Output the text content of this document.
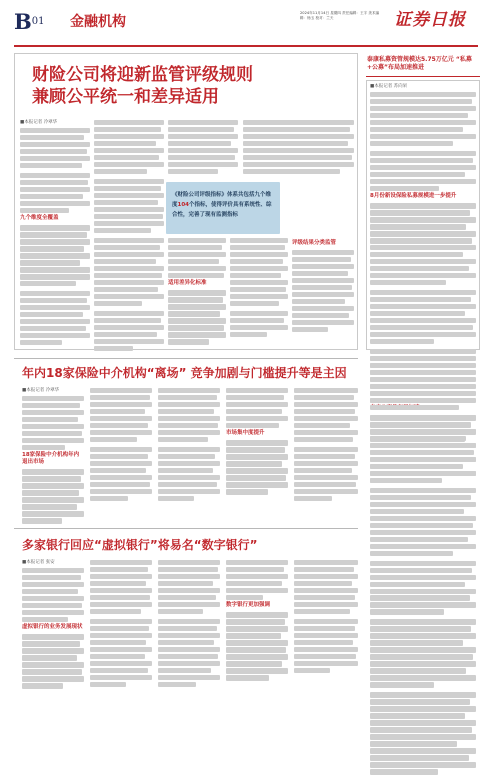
$B^{01}$ 金融机构
2024年11月14日 星期四 责任编辑：王宇 美术编辑：杨玉 校对：兰天	证券日报
财险公司将迎新监管评级规则
兼顾公平统一和差异适用
■本报记者 冷翠华
九个维度全覆盖
《财险公司评级指标》体系共包括九个维度104个指标，使得评价具有系统性、综合性，完善了现有监测指标
适用差异化标准
评级结果分类监管
泰康私募资管规模达5.75万亿元 “私募+公募”布局加速推进
■本报记者 苏向杲
8月份新设保险私募规模进一步提升
年内18家保险中介机构“离场” 竞争加剧与门槛提升等是主因
■本报记者 冷翠华
18家保险中介机构年内退出市场
市场集中度提升
多家银行回应“虚拟银行”将易名“数字银行”
■本报记者 张安
虚拟银行的业务发展现状
数字银行更加强调
